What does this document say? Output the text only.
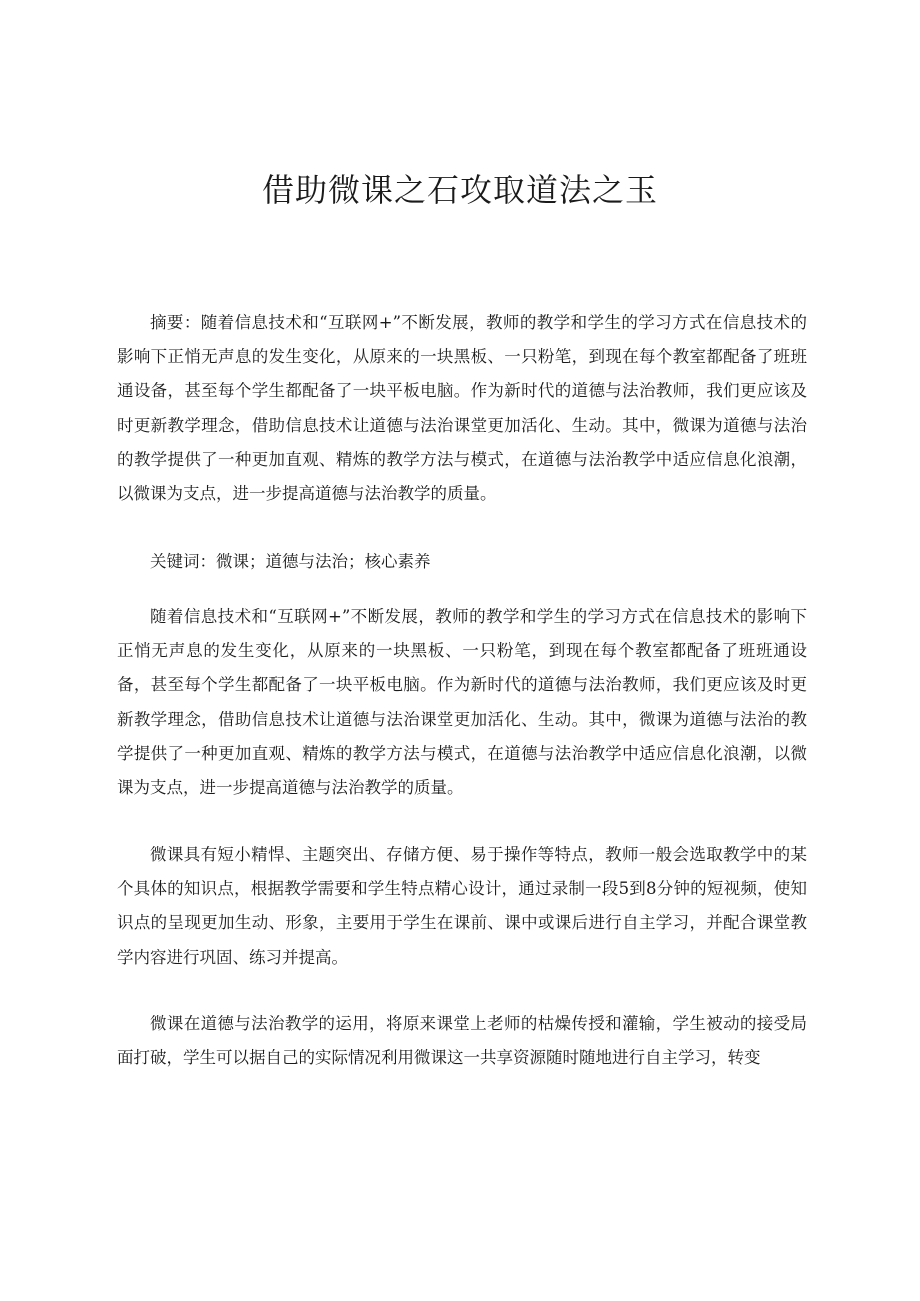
借助微课之石攻取道法之玉

摘要：随着信息技术和“互联网+”不断发展，教师的教学和学生的学习方式在信息技术的影响下正悄无声息的发生变化，从原来的一块黑板、一只粉笔，到现在每个教室都配备了班班通设备，甚至每个学生都配备了一块平板电脑。作为新时代的道德与法治教师，我们更应该及时更新教学理念，借助信息技术让道德与法治课堂更加活化、生动。其中，微课为道德与法治的教学提供了一种更加直观、精炼的教学方法与模式，在道德与法治教学中适应信息化浪潮，以微课为支点，进一步提高道德与法治教学的质量。

关键词：微课；道德与法治；核心素养

随着信息技术和“互联网+”不断发展，教师的教学和学生的学习方式在信息技术的影响下正悄无声息的发生变化，从原来的一块黑板、一只粉笔，到现在每个教室都配备了班班通设备，甚至每个学生都配备了一块平板电脑。作为新时代的道德与法治教师，我们更应该及时更新教学理念，借助信息技术让道德与法治课堂更加活化、生动。其中，微课为道德与法治的教学提供了一种更加直观、精炼的教学方法与模式，在道德与法治教学中适应信息化浪潮，以微课为支点，进一步提高道德与法治教学的质量。

微课具有短小精悍、主题突出、存储方便、易于操作等特点，教师一般会选取教学中的某个具体的知识点，根据教学需要和学生特点精心设计，通过录制一段5到8分钟的短视频，使知识点的呈现更加生动、形象，主要用于学生在课前、课中或课后进行自主学习，并配合课堂教学内容进行巩固、练习并提高。

微课在道德与法治教学的运用，将原来课堂上老师的枯燥传授和灌输，学生被动的接受局面打破，学生可以据自己的实际情况利用微课这一共享资源随时随地进行自主学习，转变
